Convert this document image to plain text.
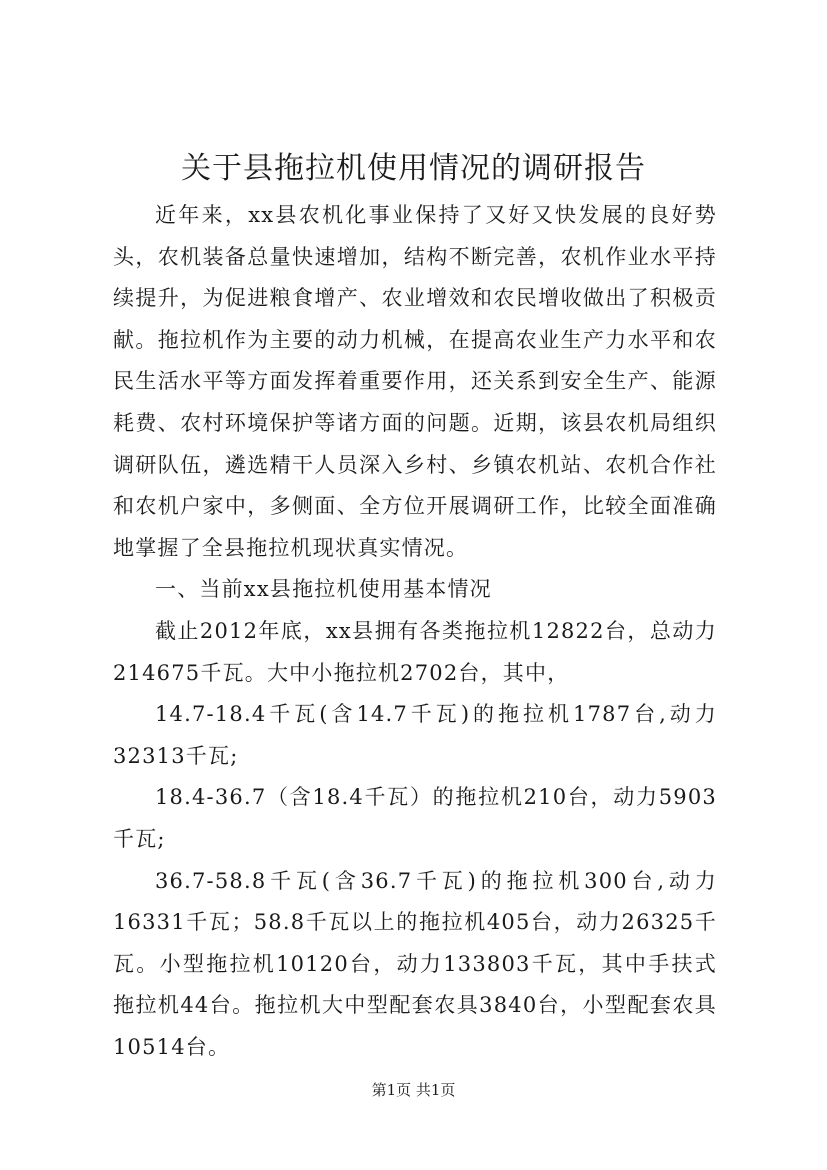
关于县拖拉机使用情况的调研报告

近年来，xx县农机化事业保持了又好又快发展的良好势头，农机装备总量快速增加，结构不断完善，农机作业水平持续提升，为促进粮食增产、农业增效和农民增收做出了积极贡献。拖拉机作为主要的动力机械，在提高农业生产力水平和农民生活水平等方面发挥着重要作用，还关系到安全生产、能源耗费、农村环境保护等诸方面的问题。近期，该县农机局组织调研队伍，遴选精干人员深入乡村、乡镇农机站、农机合作社和农机户家中，多侧面、全方位开展调研工作，比较全面准确地掌握了全县拖拉机现状真实情况。

一、当前xx县拖拉机使用基本情况

截止2012年底，xx县拥有各类拖拉机12822台，总动力214675千瓦。大中小拖拉机2702台，其中，

14.7-18.4千瓦(含14.7千瓦)的拖拉机1787台,动力32313千瓦;

18.4-36.7（含18.4千瓦）的拖拉机210台，动力5903千瓦;

36.7-58.8千瓦(含36.7千瓦)的拖拉机300台,动力16331千瓦；58.8千瓦以上的拖拉机405台，动力26325千瓦。小型拖拉机10120台，动力133803千瓦，其中手扶式拖拉机44台。拖拉机大中型配套农具3840台，小型配套农具10514台。

第1页 共1页
